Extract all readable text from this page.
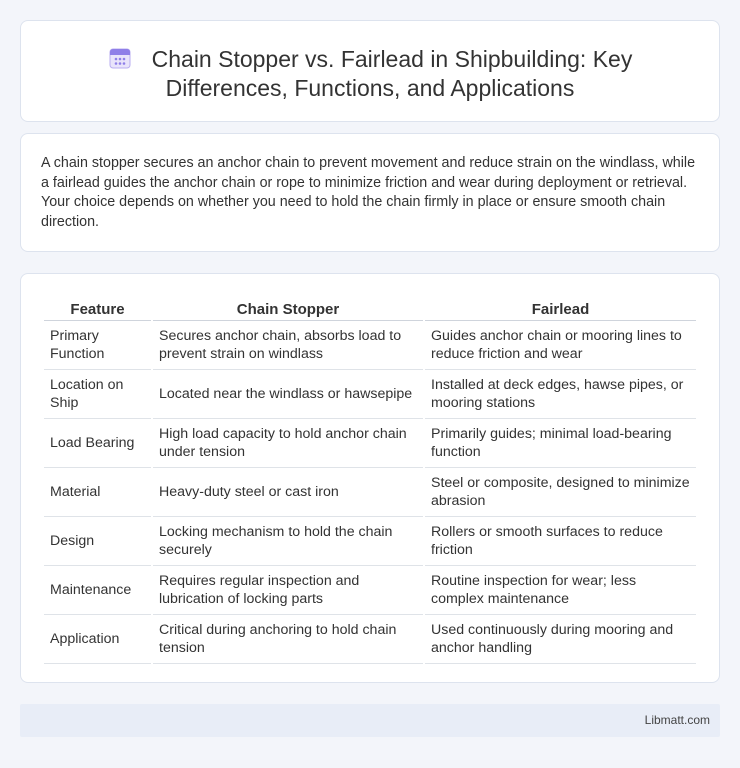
Chain Stopper vs. Fairlead in Shipbuilding: Key
Differences, Functions, and Applications

A chain stopper secures an anchor chain to prevent movement and reduce strain on the windlass, while a fairlead guides the anchor chain or rope to minimize friction and wear during deployment or retrieval. Your choice depends on whether you need to hold the chain firmly in place or ensure smooth chain direction.

Feature	Chain Stopper	Fairlead
Primary Function	Secures anchor chain, absorbs load to prevent strain on windlass	Guides anchor chain or mooring lines to reduce friction and wear
Location on Ship	Located near the windlass or hawsepipe	Installed at deck edges, hawse pipes, or mooring stations
Load Bearing	High load capacity to hold anchor chain under tension	Primarily guides; minimal load-bearing function
Material	Heavy-duty steel or cast iron	Steel or composite, designed to minimize abrasion
Design	Locking mechanism to hold the chain securely	Rollers or smooth surfaces to reduce friction
Maintenance	Requires regular inspection and lubrication of locking parts	Routine inspection for wear; less complex maintenance
Application	Critical during anchoring to hold chain tension	Used continuously during mooring and anchor handling
Libmatt.com
